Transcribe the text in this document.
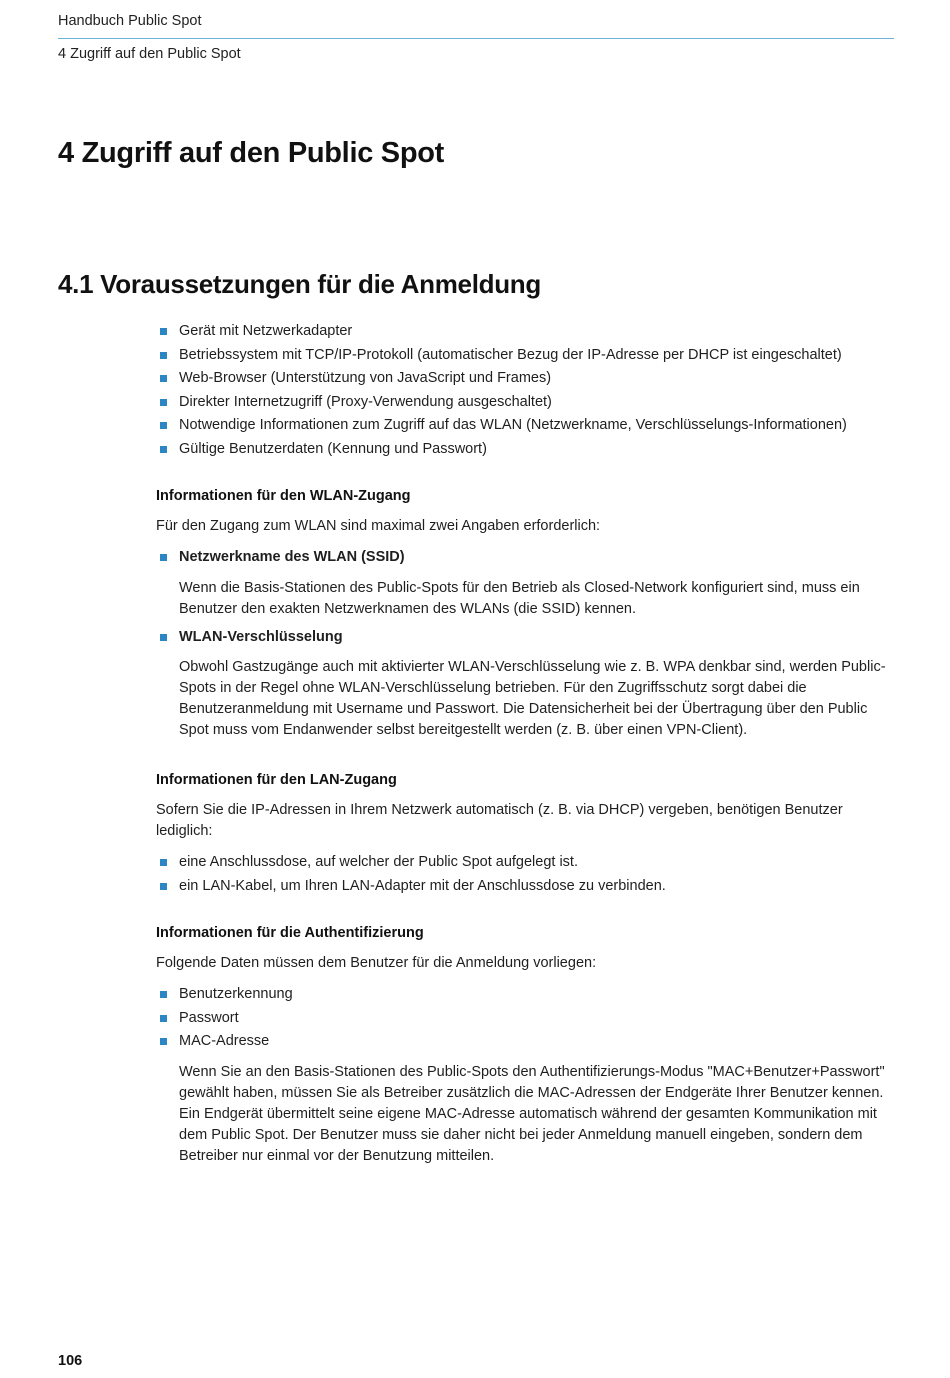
Handbuch Public Spot
4 Zugriff auf den Public Spot
4 Zugriff auf den Public Spot
4.1 Voraussetzungen für die Anmeldung
Gerät mit Netzwerkadapter
Betriebssystem mit TCP/IP-Protokoll (automatischer Bezug der IP-Adresse per DHCP ist eingeschaltet)
Web-Browser (Unterstützung von JavaScript und Frames)
Direkter Internetzugriff (Proxy-Verwendung ausgeschaltet)
Notwendige Informationen zum Zugriff auf das WLAN (Netzwerkname, Verschlüsselungs-Informationen)
Gültige Benutzerdaten (Kennung und Passwort)
Informationen für den WLAN-Zugang
Für den Zugang zum WLAN sind maximal zwei Angaben erforderlich:
Netzwerkname des WLAN (SSID)
Wenn die Basis-Stationen des Public-Spots für den Betrieb als Closed-Network konfiguriert sind, muss ein Benutzer den exakten Netzwerknamen des WLANs (die SSID) kennen.
WLAN-Verschlüsselung
Obwohl Gastzugänge auch mit aktivierter WLAN-Verschlüsselung wie z. B. WPA denkbar sind, werden Public-Spots in der Regel ohne WLAN-Verschlüsselung betrieben. Für den Zugriffsschutz sorgt dabei die Benutzeranmeldung mit Username und Passwort. Die Datensicherheit bei der Übertragung über den Public Spot muss vom Endanwender selbst bereitgestellt werden (z. B. über einen VPN-Client).
Informationen für den LAN-Zugang
Sofern Sie die IP-Adressen in Ihrem Netzwerk automatisch (z. B. via DHCP) vergeben, benötigen Benutzer lediglich:
eine Anschlussdose, auf welcher der Public Spot aufgelegt ist.
ein LAN-Kabel, um Ihren LAN-Adapter mit der Anschlussdose zu verbinden.
Informationen für die Authentifizierung
Folgende Daten müssen dem Benutzer für die Anmeldung vorliegen:
Benutzerkennung
Passwort
MAC-Adresse
Wenn Sie an den Basis-Stationen des Public-Spots den Authentifizierungs-Modus "MAC+Benutzer+Passwort" gewählt haben, müssen Sie als Betreiber zusätzlich die MAC-Adressen der Endgeräte Ihrer Benutzer kennen. Ein Endgerät übermittelt seine eigene MAC-Adresse automatisch während der gesamten Kommunikation mit dem Public Spot. Der Benutzer muss sie daher nicht bei jeder Anmeldung manuell eingeben, sondern dem Betreiber nur einmal vor der Benutzung mitteilen.
106
